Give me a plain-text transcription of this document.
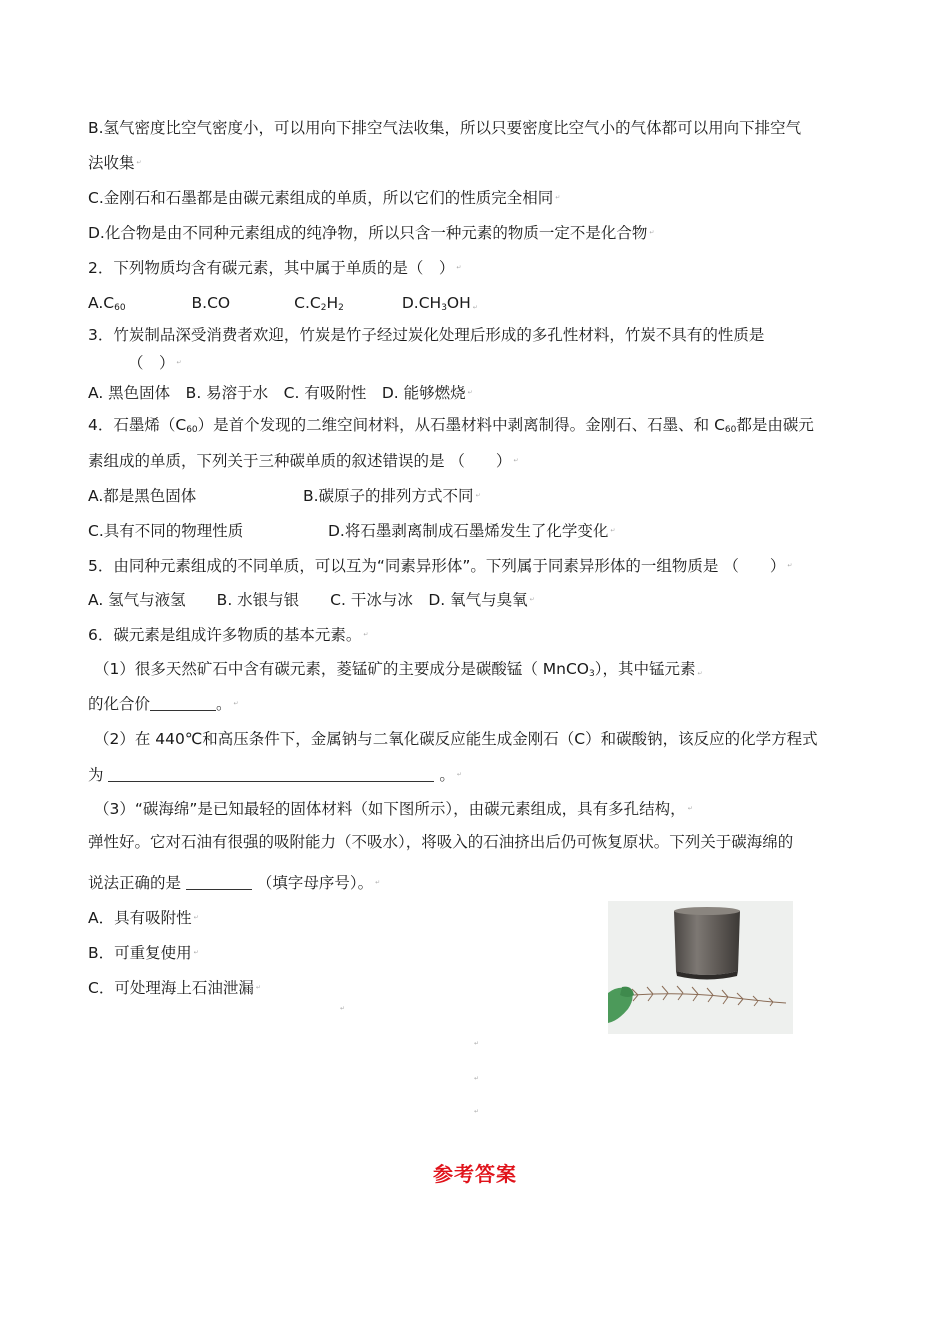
B.氢气密度比空气密度小，可以用向下排空气法收集，所以只要密度比空气小的气体都可以用向下排空气
法收集 ↵
C.金刚石和石墨都是由碳元素组成的单质，所以它们的性质完全相同 ↵
D.化合物是由不同种元素组成的纯净物，所以只含一种元素的物质一定不是化合物 ↵
2．下列物质均含有碳元素，其中属于单质的是（　） ↵
$A.C_{60}$	B.CO	$C.C_2H_2$	$D.CH_3OH$ ↵
3．竹炭制品深受消费者欢迎，竹炭是竹子经过炭化处理后形成的多孔性材料，竹炭不具有的性质是
（　） ↵
A. 黑色固体　B. 易溶于水　C. 有吸附性　D. 能够燃烧 ↵
4．石墨烯$(C_{60})$是首个发现的二维空间材料，从石墨材料中剥离制得。金刚石、石墨、和 $C_{60}$都是由碳元
素组成的单质，下列关于三种碳单质的叙述错误的是 （　　） ↵
A.都是黑色固体	B.碳原子的排列方式不同 ↵
C.具有不同的物理性质	D.将石墨剥离制成石墨烯发生了化学变化 ↵
5．由同种元素组成的不同单质，可以互为“同素异形体”。下列属于同素异形体的一组物质是 （　　） ↵
A. 氢气与液氢　　B. 水银与银　　C. 干冰与冰　D. 氧气与臭氧 ↵
6．碳元素是组成许多物质的基本元素。 ↵
（1）很多天然矿石中含有碳元素，菱锰矿的主要成分是碳酸锰（ MnCO$_3$），其中锰元素 ↵
的化合价	。 ↵
（2）在 440℃和高压条件下，金属钠与二氧化碳反应能生成金刚石（C）和碳酸钠，该反应的化学方程式
为	。 ↵
（3）“碳海绵”是已知最轻的固体材料（如下图所示），由碳元素组成，具有多孔结构， ↵
弹性好。它对石油有很强的吸附能力（不吸水），将吸入的石油挤出后仍可恢复原状。下列关于碳海绵的
说法正确的是	（填字母序号）。 ↵
A．具有吸附性 ↵
B．可重复使用 ↵
C．可处理海上石油泄漏 ↵
↵
↵
↵
↵
参考答案
